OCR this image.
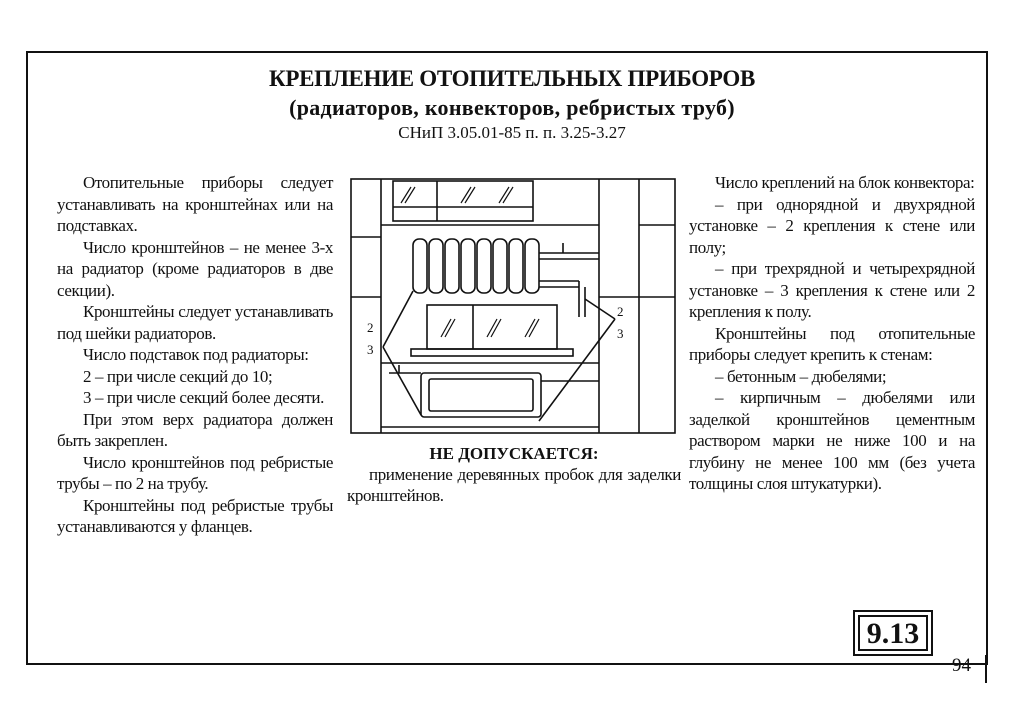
КРЕПЛЕНИЕ ОТОПИТЕЛЬНЫХ ПРИБОРОВ
(радиаторов, конвекторов, ребристых труб)
СНиП 3.05.01-85 п. п. 3.25-3.27

Отопительные приборы следует устанавливать на кронштейнах или на подставках.

Число кронштейнов – не менее 3-х на радиатор (кроме радиаторов в две секции).

Кронштейны следует устанавливать под шейки радиаторов.

Число подставок под радиаторы:

2 – при числе секций до 10;

3 – при числе секций более десяти.

При этом верх радиатора должен быть закреплен.

Число кронштейнов под ребристые трубы – по 2 на трубу.

Кронштейны под ребристые трубы устанавливаются у фланцев.

Число креплений на блок конвектора:

– при однорядной и двухрядной установке – 2 крепления к стене или полу;

– при трехрядной и четырехрядной установке – 3 крепления к стене или 2 крепления к полу.

Кронштейны под отопительные приборы следует крепить к стенам:

– бетонным – дюбелями;

– кирпичным – дюбелями или заделкой кронштейнов цементным раствором марки не ниже 100 и на глубину не менее 100 мм (без учета толщины слоя штукатурки).

2
3
2
3
НЕ ДОПУСКАЕТСЯ:
применение деревянных пробок для заделки кронштейнов.
9.13
94
